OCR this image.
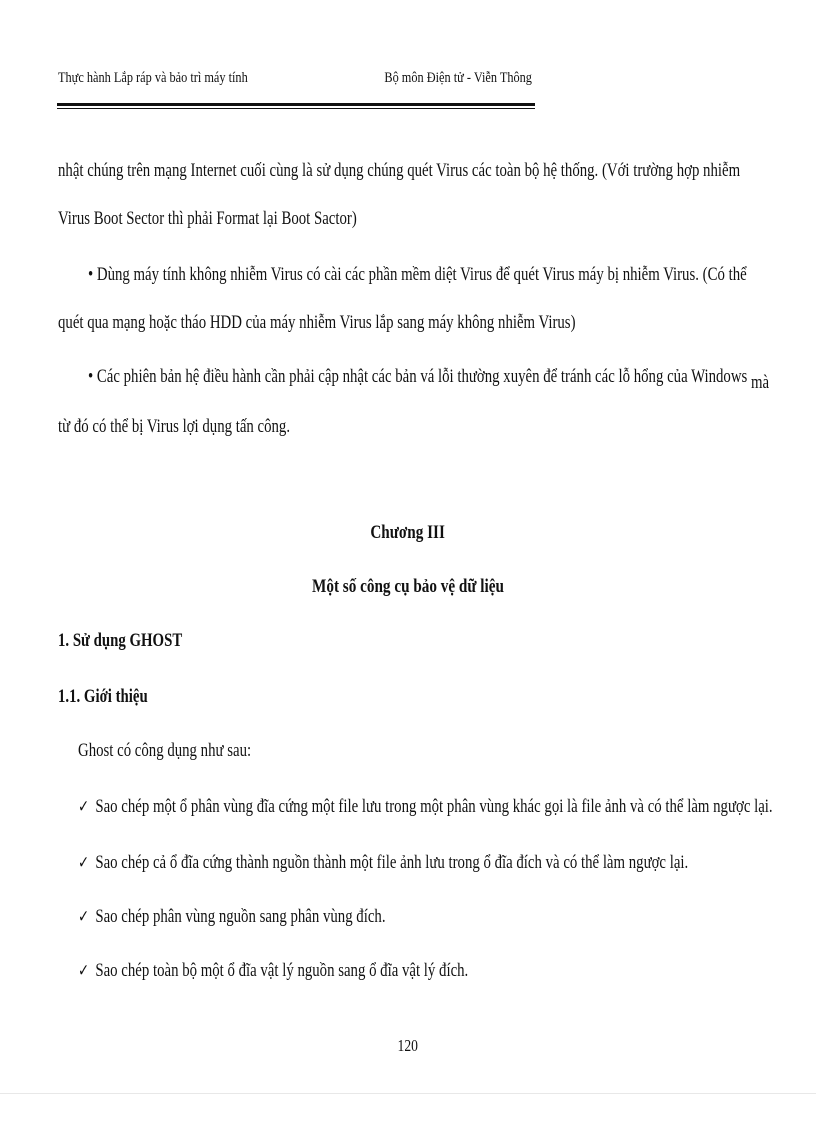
Thực hành Lắp ráp và bảo trì máy tính	Bộ môn Điện tử - Viễn Thông
nhật chúng trên mạng Internet cuối cùng là sử dụng chúng quét Virus các toàn bộ hệ thống. (Với trường hợp nhiễm
Virus Boot Sector thì phải Format lại Boot Sactor)
• Dùng máy tính không nhiễm Virus có cài các phần mềm diệt Virus để quét Virus máy bị nhiễm Virus. (Có thể
quét qua mạng hoặc tháo HDD của máy nhiễm Virus lắp sang máy không nhiễm Virus)
• Các phiên bản hệ điều hành cần phải cập nhật các bản vá lỗi thường xuyên để tránh các lỗ hổng của Windows mà
từ đó có thể bị Virus lợi dụng tấn công.
Chương III
Một số công cụ bảo vệ dữ liệu
1. Sử dụng GHOST
1.1. Giới thiệu
Ghost có công dụng như sau:
✓ Sao chép một ổ phân vùng đĩa cứng một file lưu trong một phân vùng khác gọi là file ảnh và có thể làm ngược lại.
✓ Sao chép cả ổ đĩa cứng thành nguồn thành một file ảnh lưu trong ổ đĩa đích và có thể làm ngược lại.
✓ Sao chép phân vùng nguồn sang phân vùng đích.
✓ Sao chép toàn bộ một ổ đĩa vật lý nguồn sang ổ đĩa vật lý đích.
120
